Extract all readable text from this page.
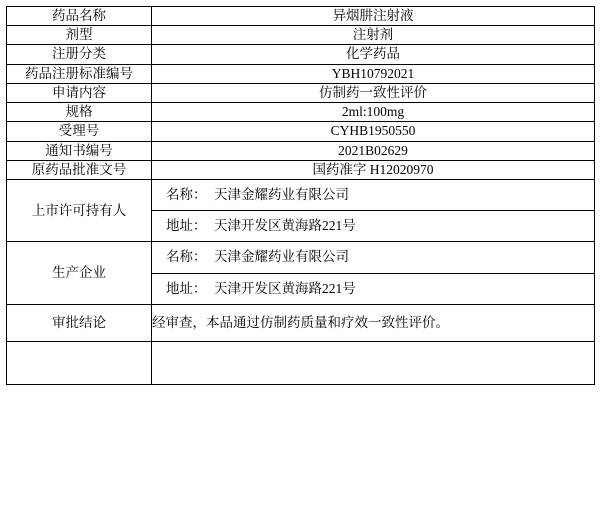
药品名称	异烟肼注射液
剂型	注射剂
注册分类	化学药品
药品注册标准编号	YBH10792021
申请内容	仿制药一致性评价
规格	2ml:100mg
受理号	CYHB1950550
通知书编号	2021B02629
原药品批准文号	国药准字 H12020970
上市许可持有人	
名称： 天津金耀药业有限公司
地址： 天津开发区黄海路221号

生产企业	
名称： 天津金耀药业有限公司
地址： 天津开发区黄海路221号

审批结论	经审查，本品通过仿制药质量和疗效一致性评价。
